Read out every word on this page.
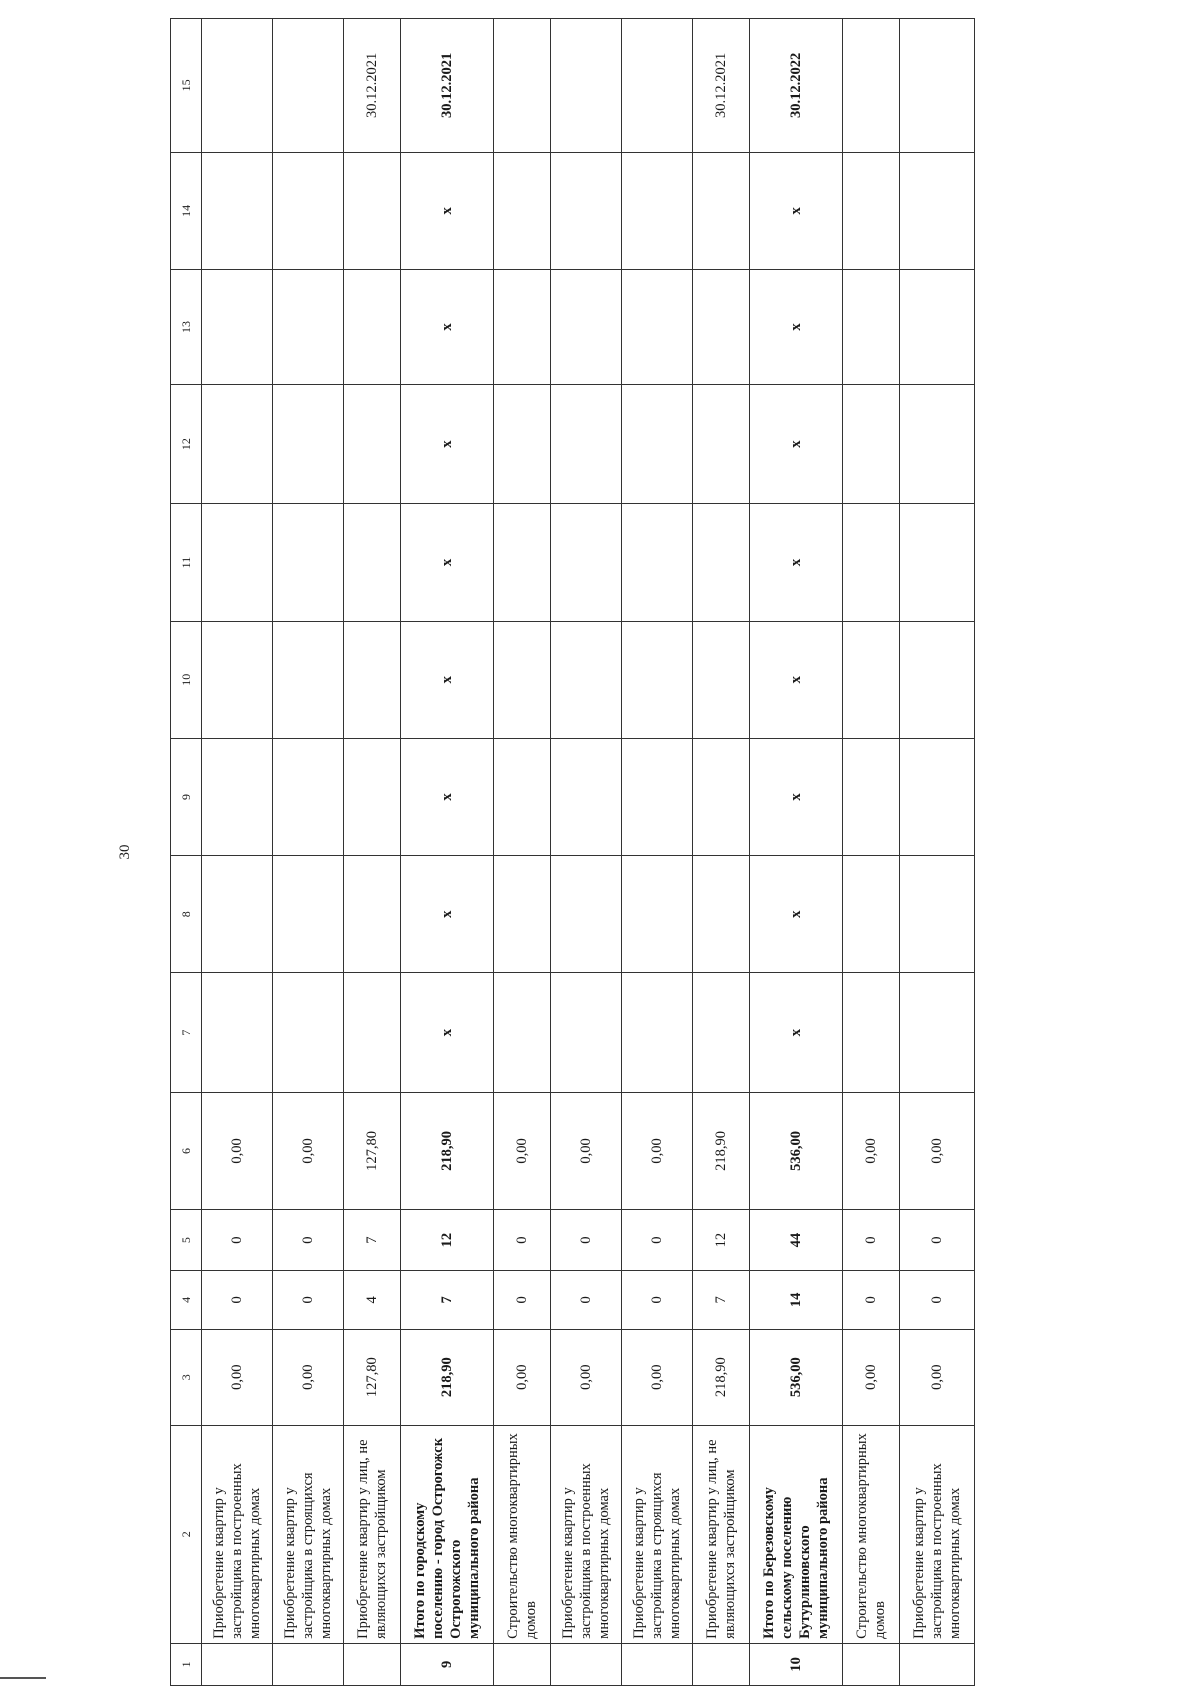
30
1	2	3	4	5	6	7	8	9	10	11	12	13	14	15
	Приобретение квартир у застройщика в построенных многоквартирных домах	0,00	0	0	0,00									
	Приобретение квартир у застройщика в строящихся многоквартирных домах	0,00	0	0	0,00									
	Приобретение квартир у лиц, не являющихся застройщиком	127,80	4	7	127,80									30.12.2021
9	Итого по городскому поселению - город Острогожск Острогожского муниципального района	218,90	7	12	218,90	x	x	x	x	x	x	x	x	30.12.2021
	Строительство многоквартирных домов	0,00	0	0	0,00									
	Приобретение квартир у застройщика в построенных многоквартирных домах	0,00	0	0	0,00									
	Приобретение квартир у застройщика в строящихся многоквартирных домах	0,00	0	0	0,00									
	Приобретение квартир у лиц, не являющихся застройщиком	218,90	7	12	218,90									30.12.2021
10	Итого по Березовскому сельскому поселению Бутурлиновского муниципального района	536,00	14	44	536,00	x	x	x	x	x	x	x	x	30.12.2022
	Строительство многоквартирных домов	0,00	0	0	0,00									
	Приобретение квартир у застройщика в построенных многоквартирных домах	0,00	0	0	0,00									
